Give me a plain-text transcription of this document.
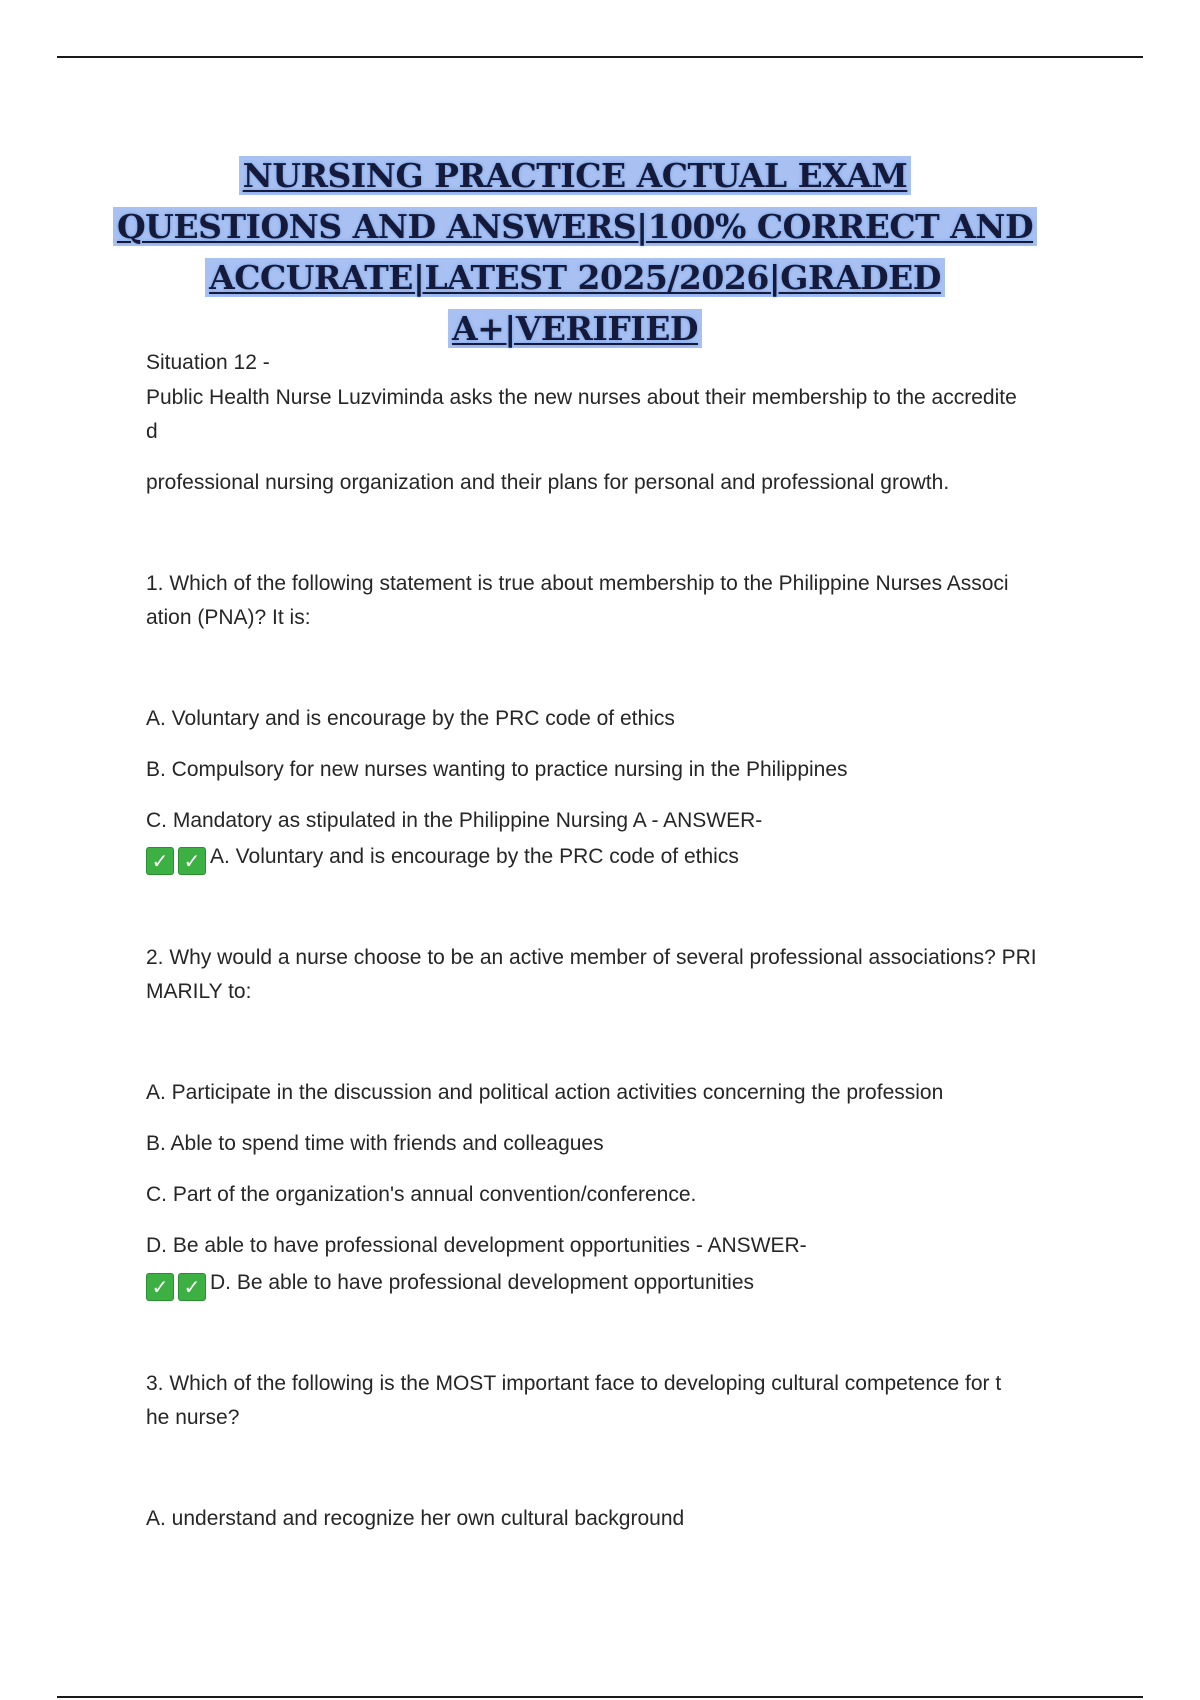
NURSING PRACTICE ACTUAL EXAM
QUESTIONS AND ANSWERS|100% CORRECT AND
ACCURATE|LATEST 2025/2026|GRADED
A+|VERIFIED
Situation 12 -
Public Health Nurse Luzviminda asks the new nurses about their membership to the accredite
d
professional nursing organization and their plans for personal and professional growth.
1. Which of the following statement is true about membership to the Philippine Nurses Associ
ation (PNA)? It is:
A. Voluntary and is encourage by the PRC code of ethics
B. Compulsory for new nurses wanting to practice nursing in the Philippines
C. Mandatory as stipulated in the Philippine Nursing A - ANSWER-
✓ ✓ A. Voluntary and is encourage by the PRC code of ethics
2. Why would a nurse choose to be an active member of several professional associations? PRI
MARILY to:
A. Participate in the discussion and political action activities concerning the profession
B. Able to spend time with friends and colleagues
C. Part of the organization's annual convention/conference.
D. Be able to have professional development opportunities - ANSWER-
✓ ✓ D. Be able to have professional development opportunities
3. Which of the following is the MOST important face to developing cultural competence for t
he nurse?
A. understand and recognize her own cultural background
